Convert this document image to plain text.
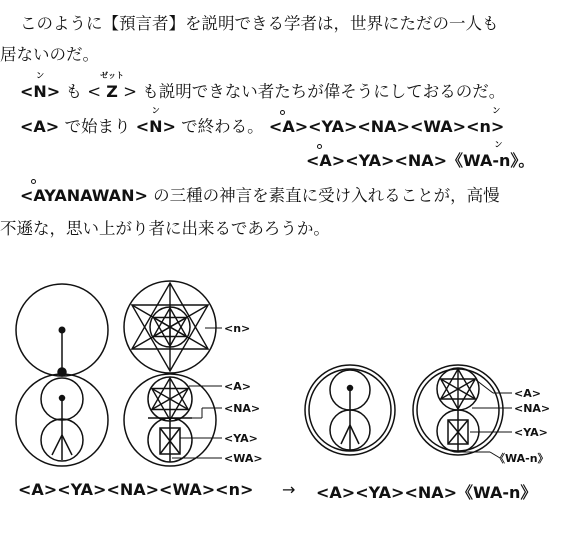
このように【預言者】を説明できる学者は，世界にただの一人も
居ないのだ。
ン
<N> も <
ゼット
Z > も説明できない者たちが偉そうにしておるのだ。
<A> で始まり
ン
<N> で終わる。
ン
<A><YA><NA><WA><n>
ン
<A><YA><NA>《WA-n》。
<AYANAWAN> の三種の神言を素直に受け入れることが，高慢
不遜な，思い上がり者に出来るであろうか。
<n>
<A>
<NA>
<YA>
<WA>
<A>
<NA>
<YA>
《WA-n》
<A><YA><NA><WA><n> → <A><YA><NA>《WA-n》
